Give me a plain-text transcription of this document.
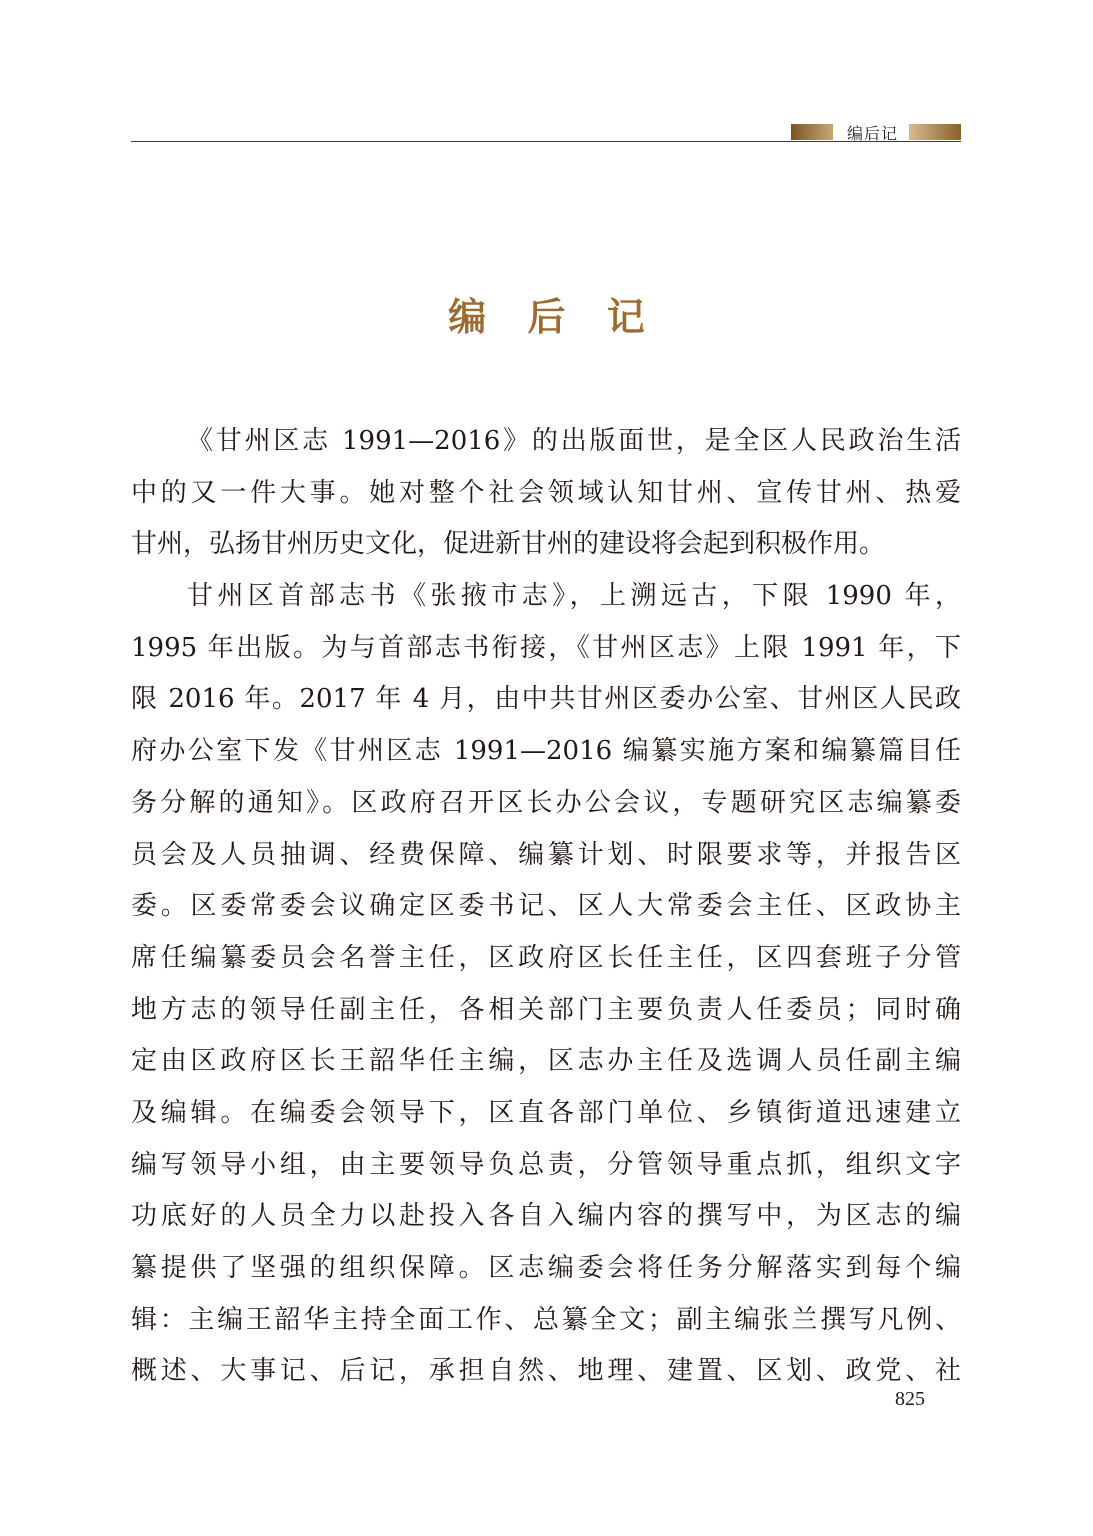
编后记
编 后 记
《甘州区志 1991—2016》的出版面世，是全区人民政治生活
中的又一件大事。她对整个社会领域认知甘州、宣传甘州、热爱
甘州，弘扬甘州历史文化，促进新甘州的建设将会起到积极作用。
甘州区首部志书《张掖市志》，上溯远古，下限 1990 年，
1995 年出版。为与首部志书衔接，《甘州区志》上限 1991 年，下
限 2016 年。2017 年 4 月，由中共甘州区委办公室、甘州区人民政
府办公室下发《甘州区志 1991—2016 编纂实施方案和编纂篇目任
务分解的通知》。区政府召开区长办公会议，专题研究区志编纂委
员会及人员抽调、经费保障、编纂计划、时限要求等，并报告区
委。区委常委会议确定区委书记、区人大常委会主任、区政协主
席任编纂委员会名誉主任，区政府区长任主任，区四套班子分管
地方志的领导任副主任，各相关部门主要负责人任委员；同时确
定由区政府区长王韶华任主编，区志办主任及选调人员任副主编
及编辑。在编委会领导下，区直各部门单位、乡镇街道迅速建立
编写领导小组，由主要领导负总责，分管领导重点抓，组织文字
功底好的人员全力以赴投入各自入编内容的撰写中，为区志的编
纂提供了坚强的组织保障。区志编委会将任务分解落实到每个编
辑：主编王韶华主持全面工作、总纂全文；副主编张兰撰写凡例、
概述、大事记、后记，承担自然、地理、建置、区划、政党、社
825
